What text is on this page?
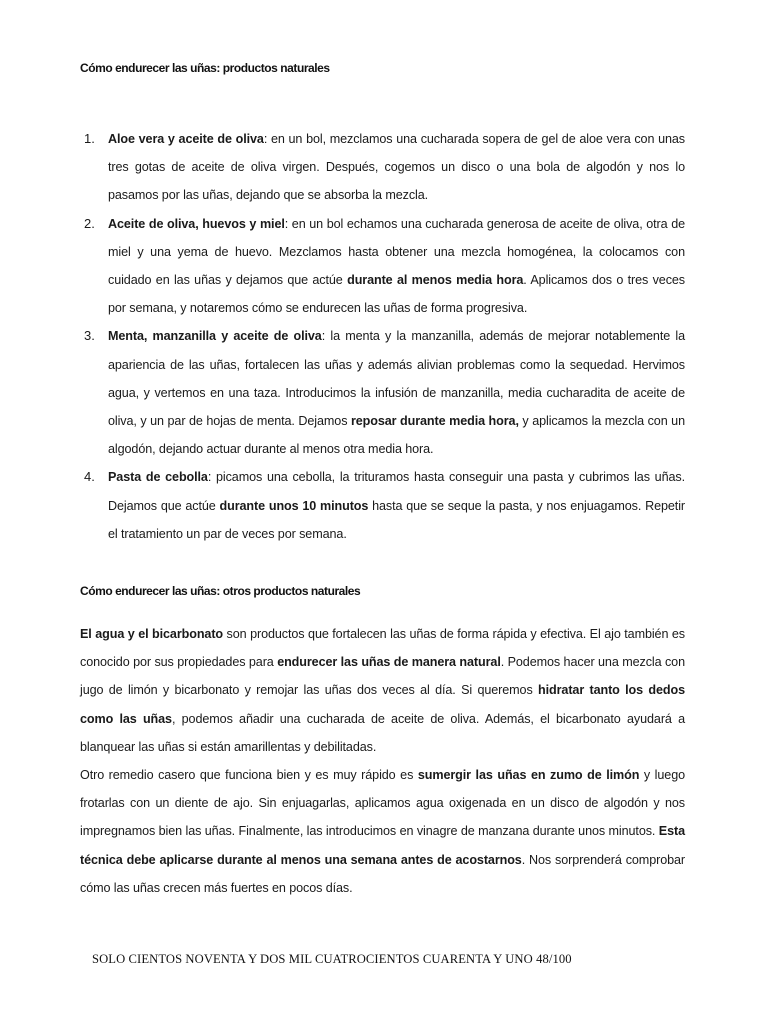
Cómo endurecer las uñas: productos naturales
1. Aloe vera y aceite de oliva: en un bol, mezclamos una cucharada sopera de gel de aloe vera con unas tres gotas de aceite de oliva virgen. Después, cogemos un disco o una bola de algodón y nos lo pasamos por las uñas, dejando que se absorba la mezcla.
2. Aceite de oliva, huevos y miel: en un bol echamos una cucharada generosa de aceite de oliva, otra de miel y una yema de huevo. Mezclamos hasta obtener una mezcla homogénea, la colocamos con cuidado en las uñas y dejamos que actúe durante al menos media hora. Aplicamos dos o tres veces por semana, y notaremos cómo se endurecen las uñas de forma progresiva.
3. Menta, manzanilla y aceite de oliva: la menta y la manzanilla, además de mejorar notablemente la apariencia de las uñas, fortalecen las uñas y además alivian problemas como la sequedad. Hervimos agua, y vertemos en una taza. Introducimos la infusión de manzanilla, media cucharadita de aceite de oliva, y un par de hojas de menta. Dejamos reposar durante media hora, y aplicamos la mezcla con un algodón, dejando actuar durante al menos otra media hora.
4. Pasta de cebolla: picamos una cebolla, la trituramos hasta conseguir una pasta y cubrimos las uñas. Dejamos que actúe durante unos 10 minutos hasta que se seque la pasta, y nos enjuagamos. Repetir el tratamiento un par de veces por semana.
Cómo endurecer las uñas: otros productos naturales

El agua y el bicarbonato son productos que fortalecen las uñas de forma rápida y efectiva. El ajo también es conocido por sus propiedades para endurecer las uñas de manera natural. Podemos hacer una mezcla con jugo de limón y bicarbonato y remojar las uñas dos veces al día. Si queremos hidratar tanto los dedos como las uñas, podemos añadir una cucharada de aceite de oliva. Además, el bicarbonato ayudará a blanquear las uñas si están amarillentas y debilitadas.

Otro remedio casero que funciona bien y es muy rápido es sumergir las uñas en zumo de limón y luego frotarlas con un diente de ajo. Sin enjuagarlas, aplicamos agua oxigenada en un disco de algodón y nos impregnamos bien las uñas. Finalmente, las introducimos en vinagre de manzana durante unos minutos. Esta técnica debe aplicarse durante al menos una semana antes de acostarnos. Nos sorprenderá comprobar cómo las uñas crecen más fuertes en pocos días.

SOLO CIENTOS NOVENTA Y DOS MIL CUATROCIENTOS CUARENTA Y UNO 48/100
